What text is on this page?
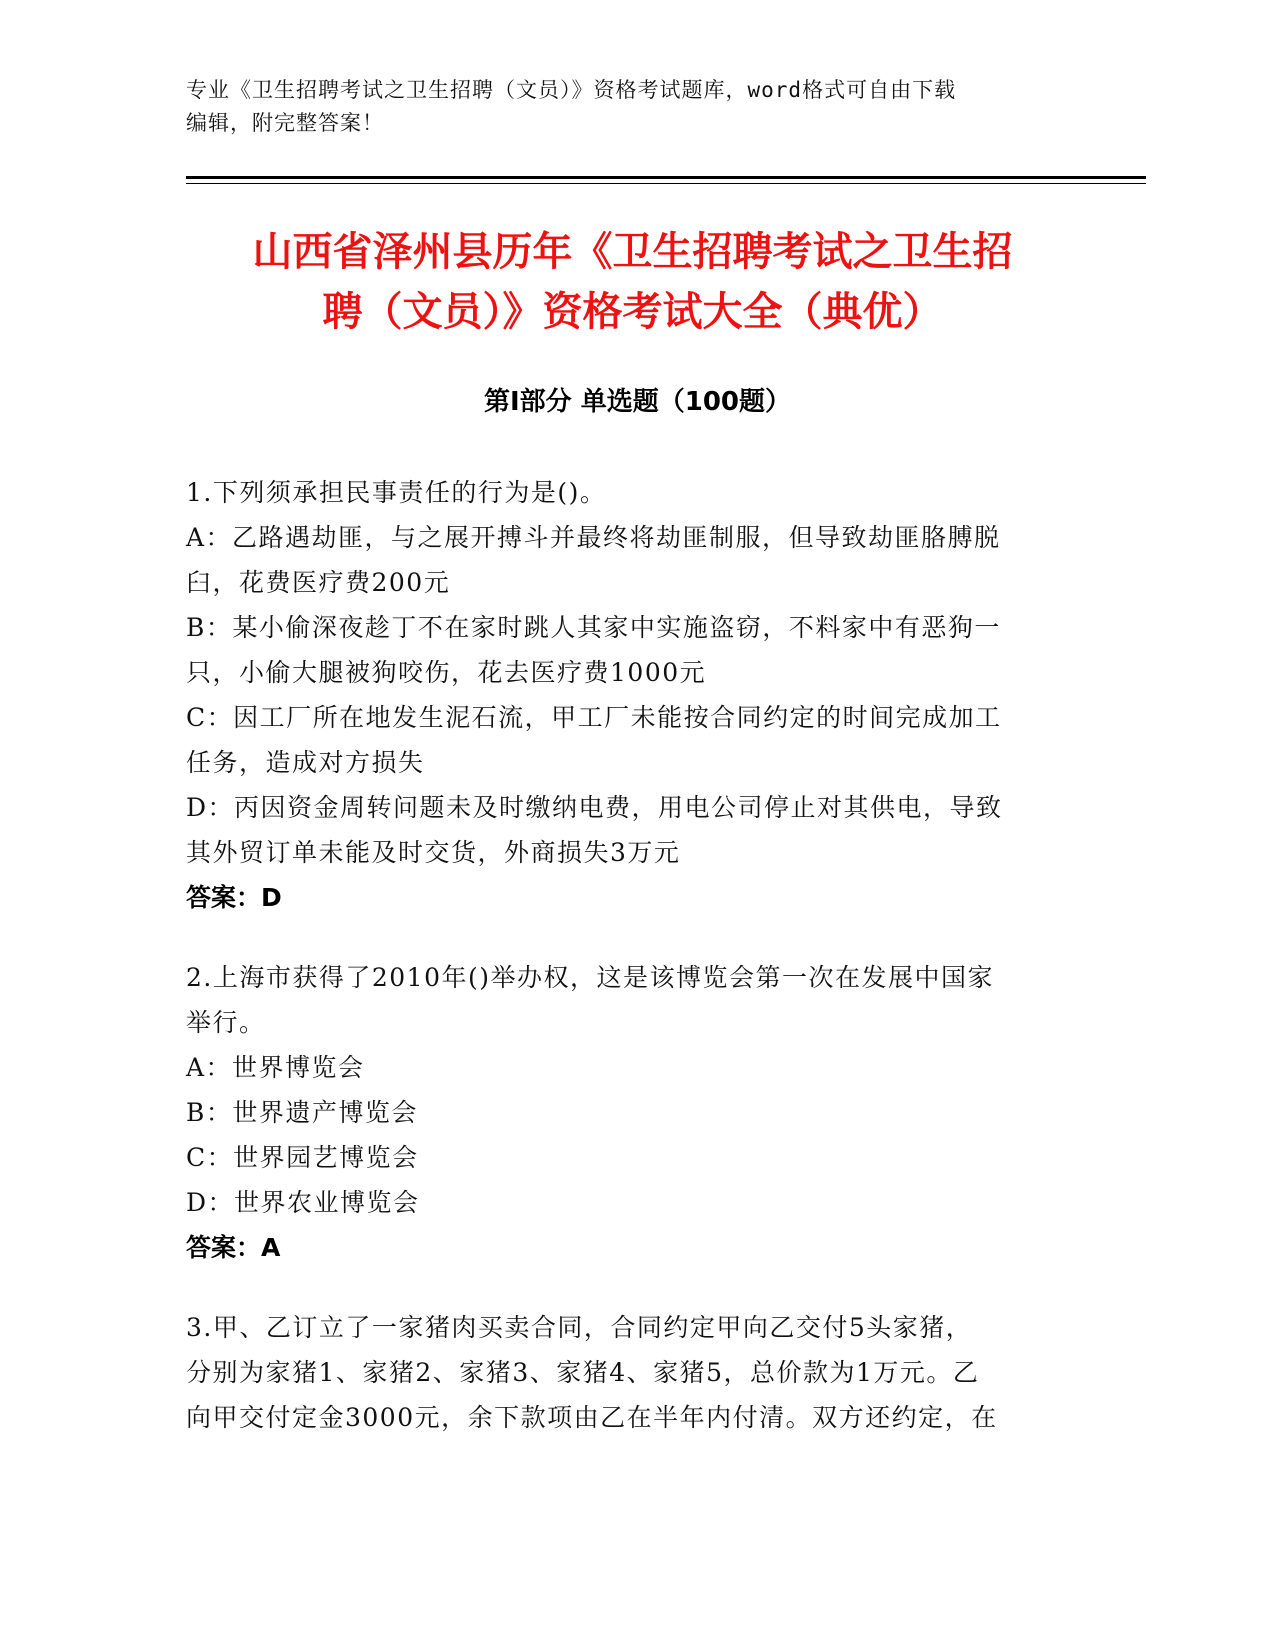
专业《卫生招聘考试之卫生招聘（文员）》资格考试题库，word格式可自由下载
编辑，附完整答案！
山西省泽州县历年《卫生招聘考试之卫生招
聘（文员）》资格考试大全（典优）
第Ⅰ部分 单选题（100题）
1.下列须承担民事责任的行为是()。
A：乙路遇劫匪，与之展开搏斗并最终将劫匪制服，但导致劫匪胳膊脱
臼，花费医疗费200元
B：某小偷深夜趁丁不在家时跳人其家中实施盗窃，不料家中有恶狗一
只，小偷大腿被狗咬伤，花去医疗费1000元
C：因工厂所在地发生泥石流，甲工厂未能按合同约定的时间完成加工
任务，造成对方损失
D：丙因资金周转问题未及时缴纳电费，用电公司停止对其供电，导致
其外贸订单未能及时交货，外商损失3万元
答案：D
2.上海市获得了2010年()举办权，这是该博览会第一次在发展中国家
举行。
A：世界博览会
B：世界遗产博览会
C：世界园艺博览会
D：世界农业博览会
答案：A
3.甲、乙订立了一家猪肉买卖合同，合同约定甲向乙交付5头家猪，
分别为家猪1、家猪2、家猪3、家猪4、家猪5，总价款为1万元。乙
向甲交付定金3000元，余下款项由乙在半年内付清。双方还约定，在
